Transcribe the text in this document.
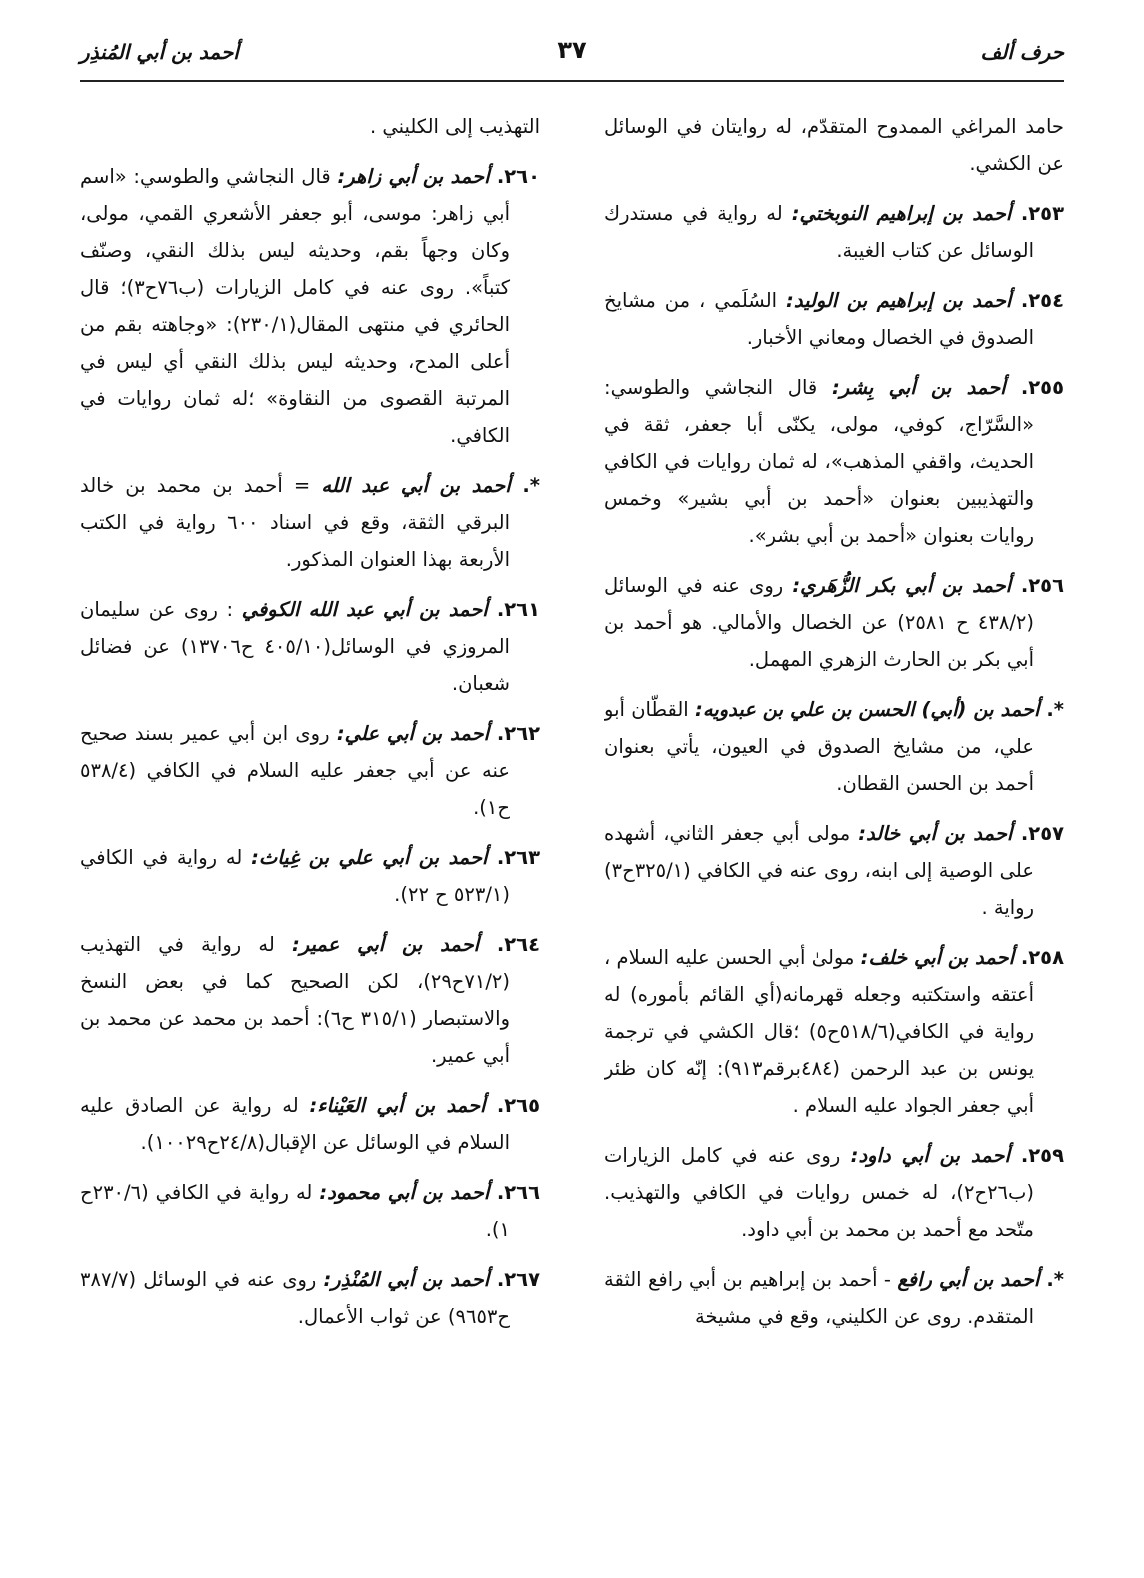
حرف ألف
٣٧
أحمد بن أبي المُنذِر

حامد المراغي الممدوح المتقدّم، له روايتان في الوسائل عن الكشي.

٢٥٣. أحمد بن إبراهيم النوبختي: له رواية في مستدرك الوسائل عن كتاب الغيبة.

٢٥٤. أحمد بن إبراهيم بن الوليد: السُلَمي ، من مشايخ الصدوق في الخصال ومعاني الأخبار.

٢٥٥. أحمد بن أبي بِشر: قال النجاشي والطوسي: «السَّرّاج، كوفي، مولى، يكنّى أبا جعفر، ثقة في الحديث، واقفي المذهب»، له ثمان روايات في الكافي والتهذيبين بعنوان «أحمد بن أبي بشير» وخمس روايات بعنوان «أحمد بن أبي بشر».

٢٥٦. أحمد بن أبي بكر الزُّهَري: روى عنه في الوسائل (٤٣٨/٢ ح ٢٥٨١) عن الخصال والأمالي. هو أحمد بن أبي بكر بن الحارث الزهري المهمل.

*. أحمد بن (أبي) الحسن بن علي بن عبدويه: القطّان أبو علي، من مشايخ الصدوق في العيون، يأتي بعنوان أحمد بن الحسن القطان.

٢٥٧. أحمد بن أبي خالد: مولى أبي جعفر الثاني، أشهده على الوصية إلى ابنه، روى عنه في الكافي (٣٢٥/١ح٣) رواية .

٢٥٨. أحمد بن أبي خلف: مولىٰ أبي الحسن عليه السلام ، أعتقه واستكتبه وجعله قهرمانه(أي القائم بأموره) له رواية في الكافي(٥١٨/٦ح٥) ؛قال الكشي في ترجمة يونس بن عبد الرحمن (٤٨٤برقم٩١٣): إنّه كان ظئر أبي جعفر الجواد عليه السلام .

٢٥٩. أحمد بن أبي داود: روى عنه في كامل الزيارات (ب٢٦ح٢)، له خمس روايات في الكافي والتهذيب. متّحد مع أحمد بن محمد بن أبي داود.

*. أحمد بن أبي رافع - أحمد بن إبراهيم بن أبي رافع الثقة المتقدم. روى عن الكليني، وقع في مشيخة

التهذيب إلى الكليني .

٢٦٠. أحمد بن أبي زاهر: قال النجاشي والطوسي: «اسم أبي زاهر: موسى، أبو جعفر الأشعري القمي، مولى، وكان وجهاً بقم، وحديثه ليس بذلك النقي، وصنّف كتباً». روى عنه في كامل الزيارات (ب٧٦ح٣)؛ قال الحائري في منتهى المقال(٢٣٠/١): «وجاهته بقم من أعلى المدح، وحديثه ليس بذلك النقي أي ليس في المرتبة القصوى من النقاوة» ؛له ثمان روايات في الكافي.

*. أحمد بن أبي عبد الله = أحمد بن محمد بن خالد البرقي الثقة، وقع في اسناد ٦٠٠ رواية في الكتب الأربعة بهذا العنوان المذكور.

٢٦١. أحمد بن أبي عبد الله الكوفي : روى عن سليمان المروزي في الوسائل(٤٠٥/١٠ ح١٣٧٠٦) عن فضائل شعبان.

٢٦٢. أحمد بن أبي علي: روى ابن أبي عمير بسند صحيح عنه عن أبي جعفر عليه السلام في الكافي (٥٣٨/٤ ح١).

٢٦٣. أحمد بن أبي علي بن غِياث: له رواية في الكافي (٥٢٣/١ ح ٢٢).

٢٦٤. أحمد بن أبي عمير: له رواية في التهذيب (٧١/٢ح٢٩)، لكن الصحيح كما في بعض النسخ والاستبصار (٣١٥/١ ح٦): أحمد بن محمد عن محمد بن أبي عمير.

٢٦٥. أحمد بن أبي العَيْناء: له رواية عن الصادق عليه السلام في الوسائل عن الإقبال(٢٤/٨ح١٠٠٢٩).

٢٦٦. أحمد بن أبي محمود: له رواية في الكافي (٢٣٠/٦ح ١).

٢٦٧. أحمد بن أبي المُنْذِر: روى عنه في الوسائل (٣٨٧/٧ ح٩٦٥٣) عن ثواب الأعمال.
